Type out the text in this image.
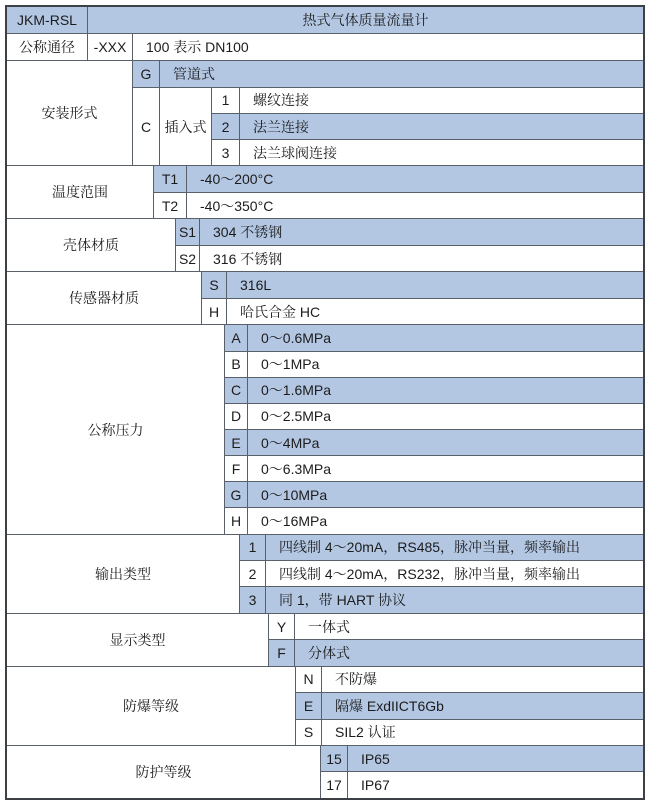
JKM-RSL	热式气体质量流量计
公称通径	-XXX	100 表示 DN100
安装形式
G	管道式
C 插入式
1	螺纹连接
2	法兰连接
3	法兰球阀连接
温度范围
T1	-40～200°C
T2	-40～350°C
壳体材质
S1	304 不锈钢
S2	316 不锈钢
传感器材质
S	316L
H	哈氏合金 HC
公称压力
A	0～0.6MPa
B	0～1MPa
C	0～1.6MPa
D	0～2.5MPa
E	0～4MPa
F	0～6.3MPa
G	0～10MPa
H	0～16MPa
输出类型
1	四线制 4～20mA，RS485，脉冲当量，频率输出
2	四线制 4～20mA，RS232，脉冲当量，频率输出
3	同 1，带 HART 协议
显示类型
Y	一体式
F	分体式
防爆等级
N	不防爆
E	隔爆 ExdIICT6Gb
S	SIL2 认证
防护等级
15	IP65
17	IP67
